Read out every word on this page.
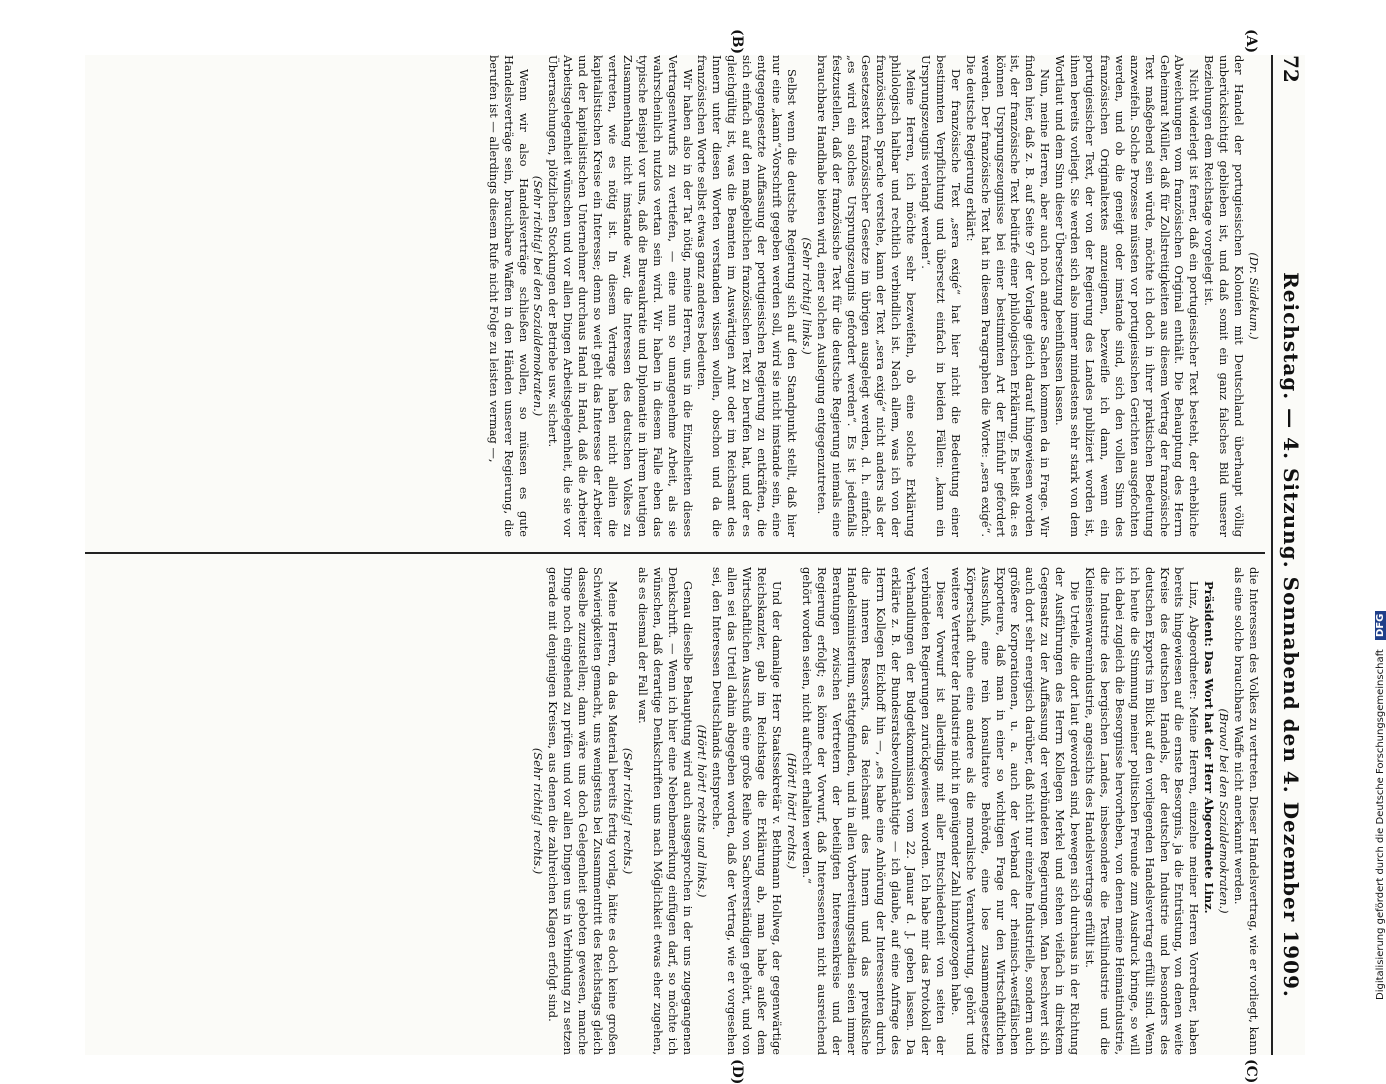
72
Reichstag. — 4. Sitzung. Sonnabend den 4. Dezember 1909.

(Dr. Südekum.)

der Handel der portugiesischen Kolonien mit Deutschland überhaupt völlig unberücksichtigt geblieben ist, und daß somit ein ganz falsches Bild unserer Beziehungen dem Reichstage vorgelegt ist.

Nicht widerlegt ist ferner, daß ein portugiesischer Text besteht, der erhebliche Abweichungen vom französischen Original enthält. Die Behauptung des Herrn Geheimrat Müller, daß für Zollstreitigkeiten aus diesem Vertrag der französische Text maßgebend sein würde, möchte ich doch in ihrer praktischen Bedeutung anzweifeln. Solche Prozesse müssten vor portugiesischen Gerichten ausgefochten werden, und ob die geneigt oder imstande sind, sich den vollen Sinn des französischen Originaltextes anzueignen, bezweifle ich dann, wenn ein portugiesischer Text, der von der Regierung des Landes publiziert worden ist, ihnen bereits vorliegt. Sie werden sich also immer mindestens sehr stark von dem Wortlaut und dem Sinn dieser Übersetzung beeinflussen lassen.

Nun, meine Herren, aber auch noch andere Sachen kommen da in Frage. Wir finden hier, daß z. B. auf Seite 97 der Vorlage gleich darauf hingewiesen worden ist, der französische Text bedürfe einer philologischen Erklärung. Es heißt da: es können Ursprungszeugnisse bei einer bestimmten Art der Einfuhr gefordert werden. Der französische Text hat in diesem Paragraphen die Worte: „sera exigé“. Die deutsche Regierung erklärt:

Der französische Text „sera exigé“ hat hier nicht die Bedeutung einer bestimmten Verpflichtung und übersetzt einfach in beiden Fällen: „kann ein Ursprungszeugnis verlangt werden“.

Meine Herren, ich möchte sehr bezweifeln, ob eine solche Erklärung philologisch haltbar und rechtlich verbindlich ist. Nach allem, was ich von der französischen Sprache verstehe, kann der Text „sera exigé“ nicht anders als der Gesetzestext französischer Gesetze im übrigen ausgelegt werden, d. h. einfach: „es wird ein solches Ursprungszeugnis gefordert werden“. Es ist jedenfalls festzustellen, daß der französische Text für die deutsche Regierung niemals eine brauchbare Handhabe bieten wird, einer solchen Auslegung entgegenzutreten.

(Sehr richtig! links.)

Selbst wenn die deutsche Regierung sich auf den Standpunkt stellt, daß hier nur eine „kann“-Vorschrift gegeben werden soll, wird sie nicht imstande sein, eine entgegengesetzte Auffassung der portugiesischen Regierung zu entkräften, die sich einfach auf den maßgeblichen französischen Text zu berufen hat, und der es gleichgültig ist, was die Beamten im Auswärtigen Amt oder im Reichsamt des Innern unter diesen Worten verstanden wissen wollen, obschon und da die französischen Worte selbst etwas ganz anderes bedeuten.

Wir haben also in der Tat nötig, meine Herren, uns in die Einzelheiten dieses Vertragsentwurfs zu vertiefen, — eine nun so unangenehme Arbeit, als sie wahrscheinlich nutzlos vertan sein wird. Wir haben in diesem Falle eben das typische Beispiel vor uns, daß die Bureaukratie und Diplomatie in ihrem heutigen Zusammenhang nicht imstande war, die Interessen des deutschen Volkes zu vertreten, wie es nötig ist. In diesem Vertrage haben nicht allein die kapitalistischen Kreise ein Interesse; denn so weit geht das Interesse der Arbeiter und der kapitalistischen Unternehmer durchaus Hand in Hand, daß die Arbeiter Arbeitsgelegenheit wünschen und vor allen Dingen Arbeitsgelegenheit, die sie vor Überraschungen, plötzlichen Stockungen der Betriebe usw. sichert.

(Sehr richtig! bei den Sozialdemokraten.)

Wenn wir also Handelsverträge schließen wollen, so müssen es gute Handelsverträge sein, brauchbare Waffen in den Händen unserer Regierung, die berufen ist — allerdings diesem Rufe nicht Folge zu leisten vermag —,

die Interessen des Volkes zu vertreten. Dieser Handelsvertrag, wie er vorliegt, kann als eine solche brauchbare Waffe nicht anerkannt werden.

(Bravo! bei den Sozialdemokraten.)

Präsident: Das Wort hat der Herr Abgeordnete Linz.

Linz, Abgeordneter: Meine Herren, einzelne meiner Herren Vorredner, haben bereits hingewiesen auf die ernste Besorgnis, ja die Entrüstung, von denen weite Kreise des deutschen Handels, der deutschen Industrie und besonders des deutschen Exports im Blick auf den vorliegenden Handelsvertrag erfüllt sind. Wenn ich heute die Stimmung meiner politischen Freunde zum Ausdruck bringe, so will ich dabei zugleich die Besorgnisse hervorheben, von denen meine Heimatindustrie, die Industrie des bergischen Landes, insbesondere die Textilindustrie und die Kleineisenwarenindustrie, angesichts des Handelsvertrags erfüllt ist.

Die Urteile, die dort laut geworden sind, bewegen sich durchaus in der Richtung der Ausführungen des Herrn Kollegen Merkel und stehen vielfach in direktem Gegensatz zu der Auffassung der verbündeten Regierungen. Man beschwert sich auch dort sehr energisch darüber, daß nicht nur einzelne Industrielle, sondern auch größere Korporationen, u. a. auch der Verband der rheinisch-westfälischen Exporteure, daß man in einer so wichtigen Frage nur den Wirtschaftlichen Ausschuß, eine rein konsultative Behörde, eine lose zusammengesetzte Körperschaft ohne eine andere als die moralische Verantwortung, gehört und weitere Vertreter der Industrie nicht in genügender Zahl hinzugezogen habe.

Dieser Vorwurf ist allerdings mit aller Entschiedenheit von seiten der verbündeten Regierungen zurückgewiesen worden. Ich habe mir das Protokoll der Verhandlungen der Budgetkommission vom 22. Januar d. J. geben lassen. Da erklärte z. B. der Bundesratsbevollmächtigte — ich glaube, auf eine Anfrage des Herrn Kollegen Eickhoff hin —, „es habe eine Anhörung der Interessenten durch die inneren Ressorts, das Reichsamt des Innern und das preußische Handelsministerium, stattgefunden, und in allen Vorbereitungsstadien seien immer Beratungen zwischen Vertretern der beteiligten Interessenkreise und der Regierung erfolgt; es könne der Vorwurf, daß Interessenten nicht ausreichend gehört worden seien, nicht aufrecht erhalten werden.“

(Hört! hört! rechts.)

Und der damalige Herr Staatssekretär v. Bethmann Hollweg, der gegenwärtige Reichskanzler, gab im Reichstage die Erklärung ab, man habe außer dem Wirtschaftlichen Ausschuß eine große Reihe von Sachverständigen gehört, und von allen sei das Urteil dahin abgegeben worden, daß der Vertrag, wie er vorgesehen sei, den Interessen Deutschlands entspreche.

(Hört! hört! rechts und links.)

Genau dieselbe Behauptung wird auch ausgesprochen in der uns zugegangenen Denkschrift. — Wenn ich hier eine Nebenbemerkung einfügen darf, so möchte ich wünschen, daß derartige Denkschriften uns nach Möglichkeit etwas eher zugehen, als es diesmal der Fall war.

(Sehr richtig! rechts.)

Meine Herren, da das Material bereits fertig vorlag, hätte es doch keine großen Schwierigkeiten gemacht, uns wenigstens bei Zusammentritt des Reichstags gleich dasselbe zuzustellen; dann wäre uns doch Gelegenheit geboten gewesen, manche Dinge noch eingehend zu prüfen und vor allen Dingen uns in Verbindung zu setzen gerade mit denjenigen Kreisen, aus denen die zahlreichen Klagen erfolgt sind.

(Sehr richtig! rechts.)

(A)
(B)
(C)
(D)
Digitalisierung gefördert durch die Deutsche Forschungsgemeinschaft DFG
